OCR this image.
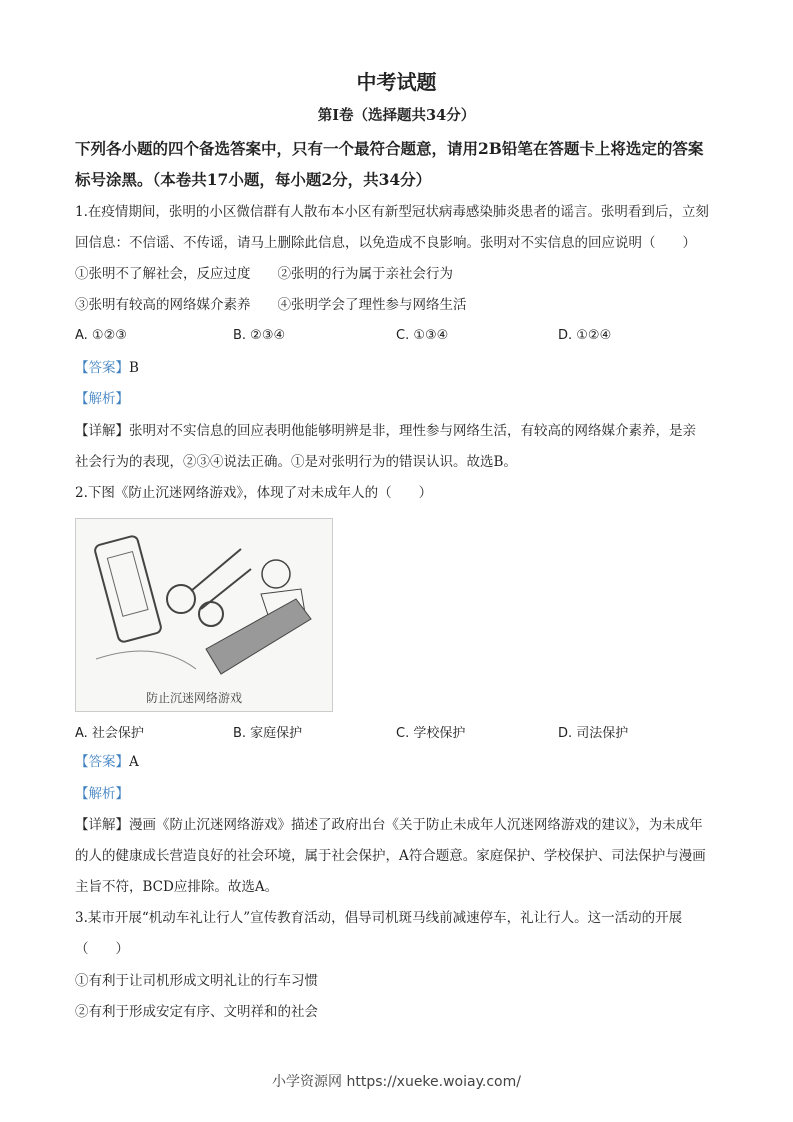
中考试题
第I卷（选择题共34分）
下列各小题的四个备选答案中，只有一个最符合题意，请用2B铅笔在答题卡上将选定的答案
标号涂黑。（本卷共17小题，每小题2分，共34分）
1.在疫情期间，张明的小区微信群有人散布本小区有新型冠状病毒感染肺炎患者的谣言。张明看到后，立刻
回信息：不信谣、不传谣，请马上删除此信息，以免造成不良影响。张明对不实信息的回应说明（　　）
①张明不了解社会，反应过度　　②张明的行为属于亲社会行为
③张明有较高的网络媒介素养　　④张明学会了理性参与网络生活
A. ①②③	B. ②③④	C. ①③④	D. ①②④
【答案】B
【解析】
【详解】张明对不实信息的回应表明他能够明辨是非，理性参与网络生活，有较高的网络媒介素养，是亲
社会行为的表现，②③④说法正确。①是对张明行为的错误认识。故选B。
2.下图《防止沉迷网络游戏》，体现了对未成年人的（　　）
防止沉迷网络游戏
A. 社会保护	B. 家庭保护	C. 学校保护	D. 司法保护
【答案】A
【解析】
【详解】漫画《防止沉迷网络游戏》描述了政府出台《关于防止未成年人沉迷网络游戏的建议》，为未成年
的人的健康成长营造良好的社会环境，属于社会保护，A符合题意。家庭保护、学校保护、司法保护与漫画
主旨不符，BCD应排除。故选A。
3.某市开展“机动车礼让行人”宣传教育活动，倡导司机斑马线前减速停车，礼让行人。这一活动的开展
（　　）
①有利于让司机形成文明礼让的行车习惯
②有利于形成安定有序、文明祥和的社会
小学资源网 https://xueke.woiay.com/
